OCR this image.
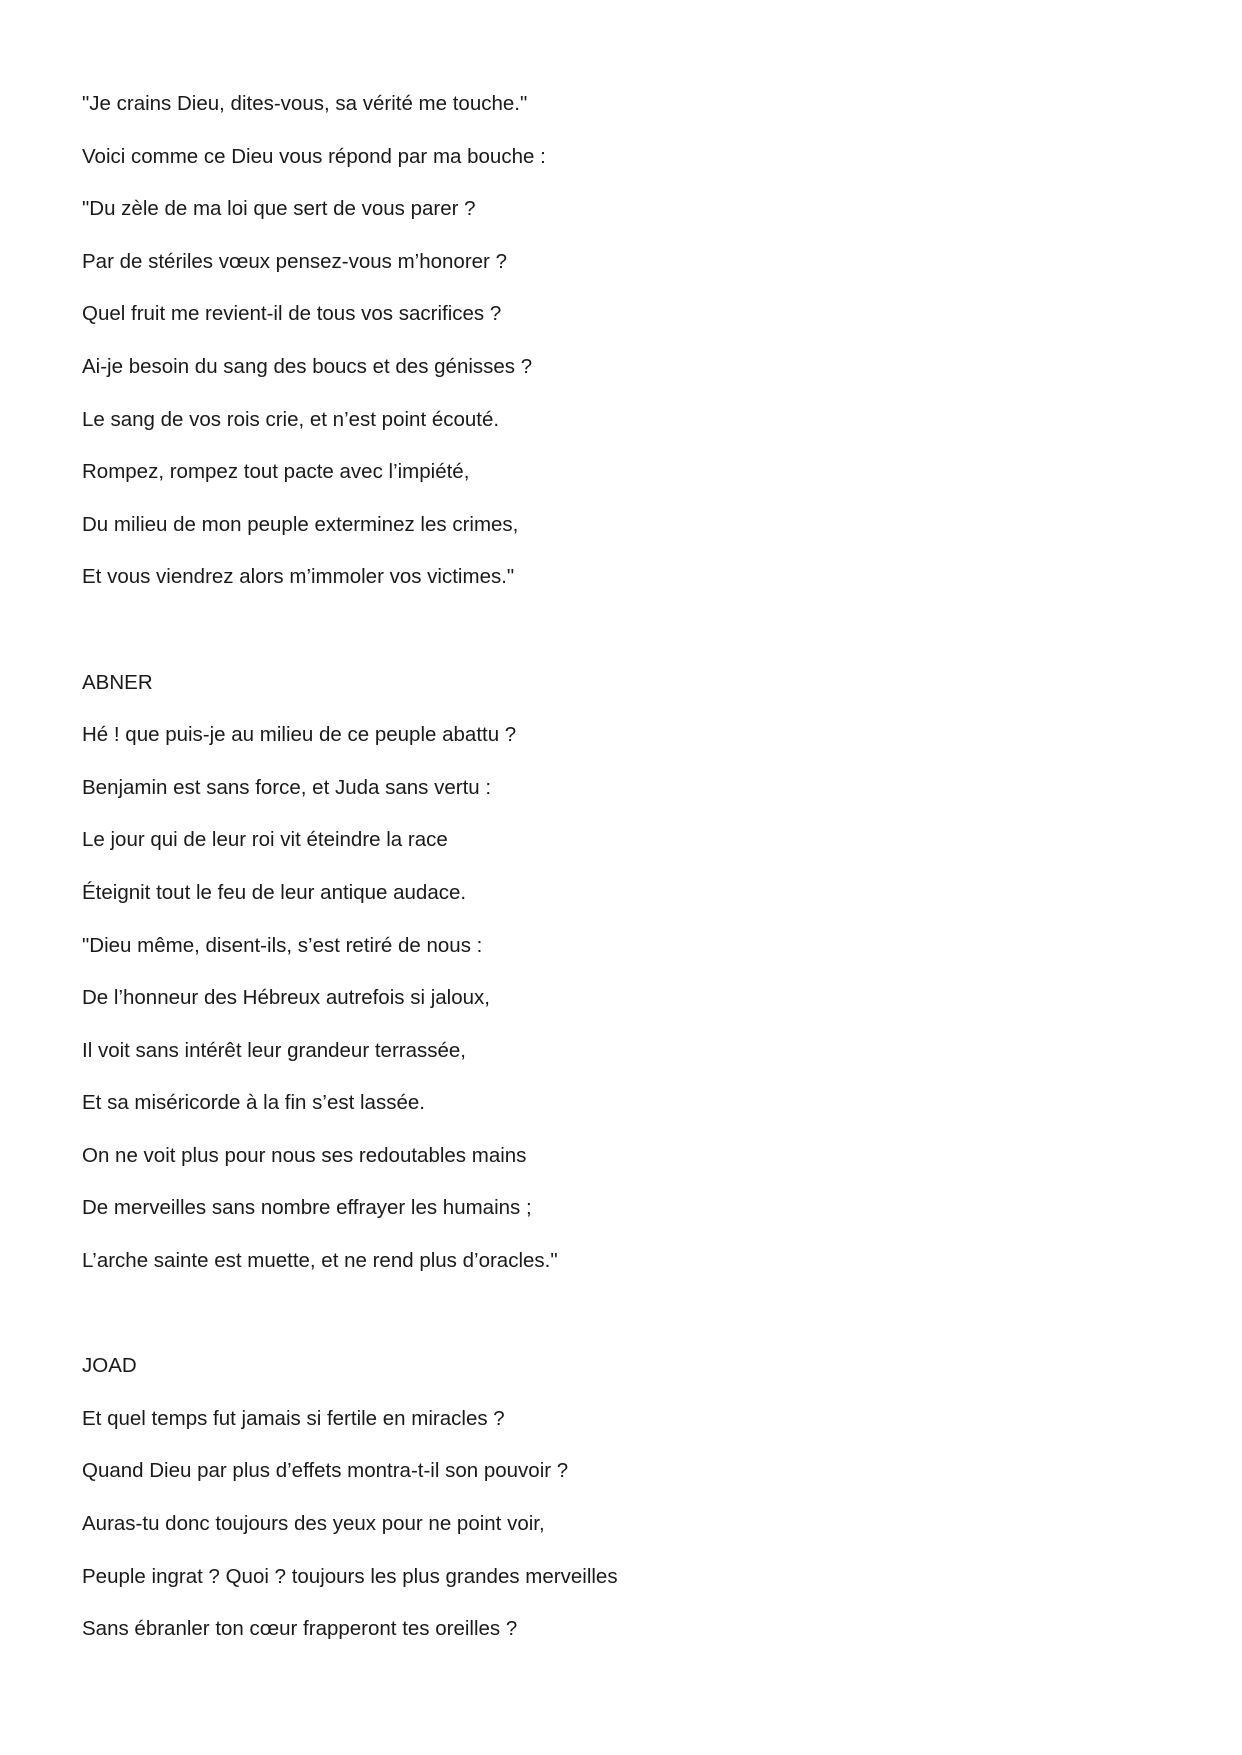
"Je crains Dieu, dites-vous, sa vérité me touche."
Voici comme ce Dieu vous répond par ma bouche :
"Du zèle de ma loi que sert de vous parer ?
Par de stériles vœux pensez-vous m’honorer ?
Quel fruit me revient-il de tous vos sacrifices ?
Ai-je besoin du sang des boucs et des génisses ?
Le sang de vos rois crie, et n’est point écouté.
Rompez, rompez tout pacte avec l’impiété,
Du milieu de mon peuple exterminez les crimes,
Et vous viendrez alors m’immoler vos victimes."
ABNER
Hé ! que puis-je au milieu de ce peuple abattu ?
Benjamin est sans force, et Juda sans vertu :
Le jour qui de leur roi vit éteindre la race
Éteignit tout le feu de leur antique audace.
"Dieu même, disent-ils, s’est retiré de nous :
De l’honneur des Hébreux autrefois si jaloux,
Il voit sans intérêt leur grandeur terrassée,
Et sa miséricorde à la fin s’est lassée.
On ne voit plus pour nous ses redoutables mains
De merveilles sans nombre effrayer les humains ;
L’arche sainte est muette, et ne rend plus d’oracles."
JOAD
Et quel temps fut jamais si fertile en miracles ?
Quand Dieu par plus d’effets montra-t-il son pouvoir ?
Auras-tu donc toujours des yeux pour ne point voir,
Peuple ingrat ? Quoi ? toujours les plus grandes merveilles
Sans ébranler ton cœur frapperont tes oreilles ?
